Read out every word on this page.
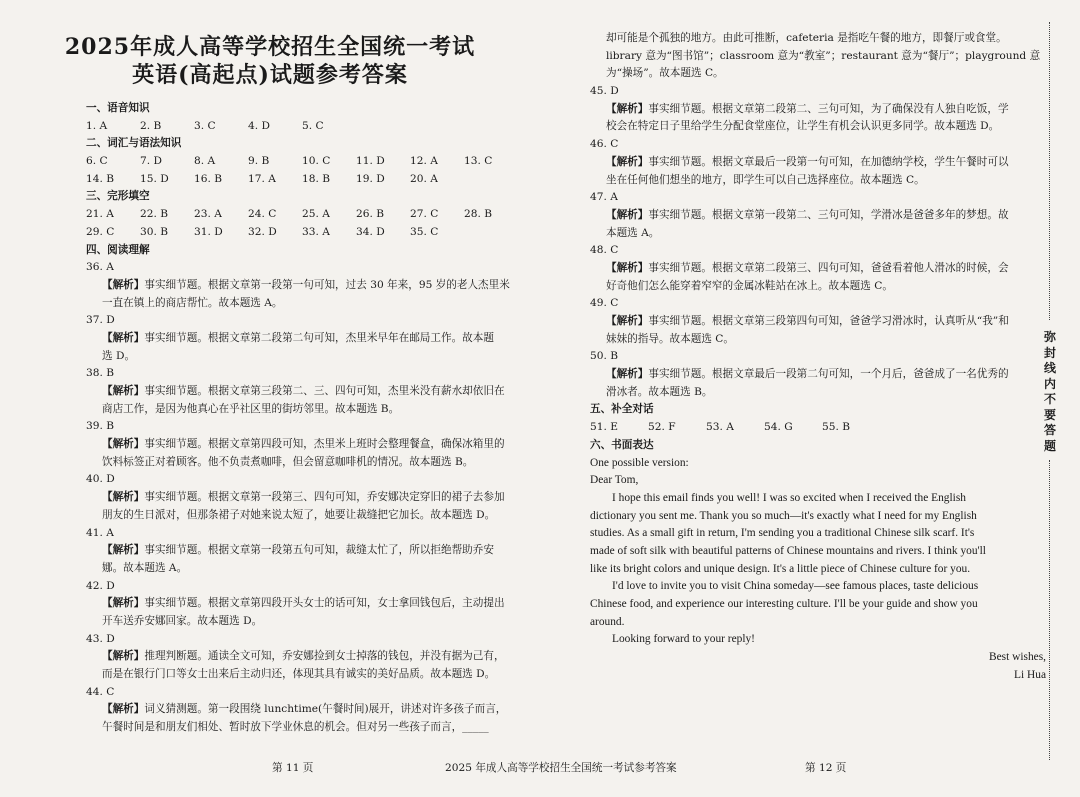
2025年成人高等学校招生全国统一考试
英语(高起点)试题参考答案
一、语音知识
1. A	2. B	3. C	4. D	5. C
二、词汇与语法知识
6. C	7. D	8. A	9. B	10. C	11. D	12. A	13. C
14. B	15. D	16. B	17. A	18. B	19. D	20. A
三、完形填空
21. A	22. B	23. A	24. C	25. A	26. B	27. C	28. B
29. C	30. B	31. D	32. D	33. A	34. D	35. C
四、阅读理解
36. A
【解析】事实细节题。根据文章第一段第一句可知，过去 30 年来，95 岁的老人杰里米
一直在镇上的商店帮忙。故本题选 A。
37. D
【解析】事实细节题。根据文章第二段第二句可知，杰里米早年在邮局工作。故本题
选 D。
38. B
【解析】事实细节题。根据文章第三段第二、三、四句可知，杰里米没有薪水却依旧在
商店工作，是因为他真心在乎社区里的街坊邻里。故本题选 B。
39. B
【解析】事实细节题。根据文章第四段可知，杰里米上班时会整理餐盒，确保冰箱里的
饮料标签正对着顾客。他不负责煮咖啡，但会留意咖啡机的情况。故本题选 B。
40. D
【解析】事实细节题。根据文章第一段第三、四句可知，乔安娜决定穿旧的裙子去参加
朋友的生日派对，但那条裙子对她来说太短了，她要让裁缝把它加长。故本题选 D。
41. A
【解析】事实细节题。根据文章第一段第五句可知，裁缝太忙了，所以拒绝帮助乔安
娜。故本题选 A。
42. D
【解析】事实细节题。根据文章第四段开头女士的话可知，女士拿回钱包后，主动提出
开车送乔安娜回家。故本题选 D。
43. D
【解析】推理判断题。通读全文可知，乔安娜捡到女士掉落的钱包，并没有据为己有，
而是在银行门口等女士出来后主动归还，体现其具有诚实的美好品质。故本题选 D。
44. C
【解析】词义猜测题。第一段围绕 lunchtime(午餐时间)展开，讲述对许多孩子而言，
午餐时间是和朋友们相处、暂时放下学业休息的机会。但对另一些孩子而言，_____
却可能是个孤独的地方。由此可推断，cafeteria 是指吃午餐的地方，即餐厅或食堂。
library 意为“图书馆”；classroom 意为“教室”；restaurant 意为“餐厅”；playground 意
为“操场”。故本题选 C。
45. D
【解析】事实细节题。根据文章第二段第二、三句可知，为了确保没有人独自吃饭，学
校会在特定日子里给学生分配食堂座位，让学生有机会认识更多同学。故本题选 D。
46. C
【解析】事实细节题。根据文章最后一段第一句可知，在加德纳学校，学生午餐时可以
坐在任何他们想坐的地方，即学生可以自己选择座位。故本题选 C。
47. A
【解析】事实细节题。根据文章第一段第二、三句可知，学滑冰是爸爸多年的梦想。故
本题选 A。
48. C
【解析】事实细节题。根据文章第二段第三、四句可知，爸爸看着他人滑冰的时候，会
好奇他们怎么能穿着窄窄的金属冰鞋站在冰上。故本题选 C。
49. C
【解析】事实细节题。根据文章第三段第四句可知，爸爸学习滑冰时，认真听从“我”和
妹妹的指导。故本题选 C。
50. B
【解析】事实细节题。根据文章最后一段第二句可知，一个月后，爸爸成了一名优秀的
滑冰者。故本题选 B。
五、补全对话
51. E	52. F	53. A	54. G	55. B
六、书面表达
One possible version:
Dear Tom,
I hope this email finds you well! I was so excited when I received the English
dictionary you sent me. Thank you so much—it's exactly what I need for my English
studies. As a small gift in return, I'm sending you a traditional Chinese silk scarf. It's
made of soft silk with beautiful patterns of Chinese mountains and rivers. I think you'll
like its bright colors and unique design. It's a little piece of Chinese culture for you.
I'd love to invite you to visit China someday—see famous places, taste delicious
Chinese food, and experience our interesting culture. I'll be your guide and show you
around.
Looking forward to your reply!
Best wishes,
Li Hua
第 11 页	2025 年成人高等学校招生全国统一考试参考答案	第 12 页
弥封线内不要答题
